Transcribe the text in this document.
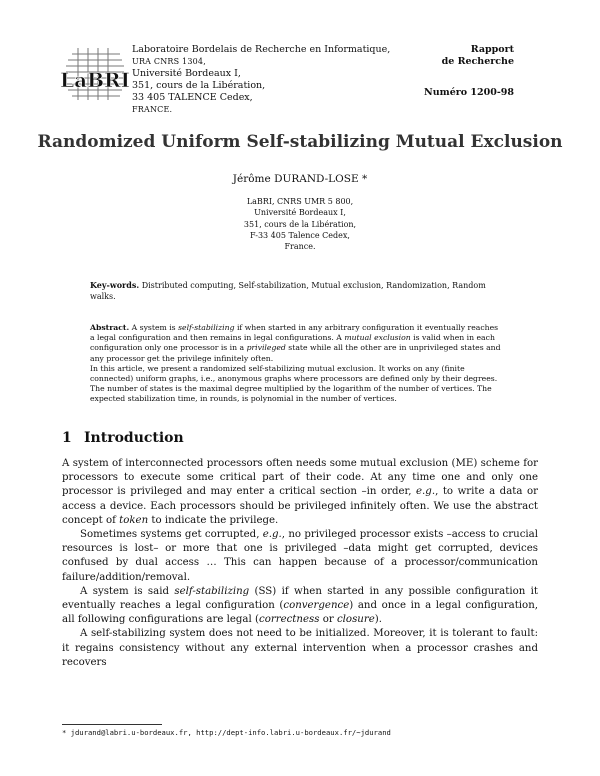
Laboratoire Bordelais de Recherche en Informatique,
URA CNRS 1304,
Université Bordeaux I,
351, cours de la Libération,
33 405 TALENCE Cedex,
FRANCE.
LaBRI
Rapport
de Recherche
Numéro 1200-98
Randomized Uniform Self-stabilizing Mutual Exclusion
Jérôme DURAND-LOSE *
LaBRI, CNRS UMR 5 800,
Université Bordeaux I,
351, cours de la Libération,
F-33 405 Talence Cedex,
France.
Key-words. Distributed computing, Self-stabilization, Mutual exclusion, Randomization, Random walks.
Abstract. A system is self-stabilizing if when started in any arbitrary configuration it eventually reaches a legal configuration and then remains in legal configurations. A mutual exclusion is valid when in each configuration only one processor is in a privileged state while all the other are in unprivileged states and any processor get the privilege infinitely often.
In this article, we present a randomized self-stabilizing mutual exclusion. It works on any (finite connected) uniform graphs, i.e., anonymous graphs where processors are defined only by their degrees. The number of states is the maximal degree multiplied by the logarithm of the number of vertices. The expected stabilization time, in rounds, is polynomial in the number of vertices.
1 Introduction

A system of interconnected processors often needs some mutual exclusion (ME) scheme for processors to execute some critical part of their code. At any time one and only one processor is privileged and may enter a critical section –in order, e.g., to write a data or access a device. Each processors should be privileged infinitely often. We use the abstract concept of token to indicate the privilege.

Sometimes systems get corrupted, e.g., no privileged processor exists –access to crucial resources is lost– or more that one is privileged –data might get corrupted, devices confused by dual access … This can happen because of a processor/communication failure/addition/removal.

A system is said self-stabilizing (SS) if when started in any possible configuration it eventually reaches a legal configuration (convergence) and once in a legal configuration, all following configurations are legal (correctness or closure).

A self-stabilizing system does not need to be initialized. Moreover, it is tolerant to fault: it regains consistency without any external intervention when a processor crashes and recovers

* jdurand@labri.u-bordeaux.fr, http://dept-info.labri.u-bordeaux.fr/~jdurand
